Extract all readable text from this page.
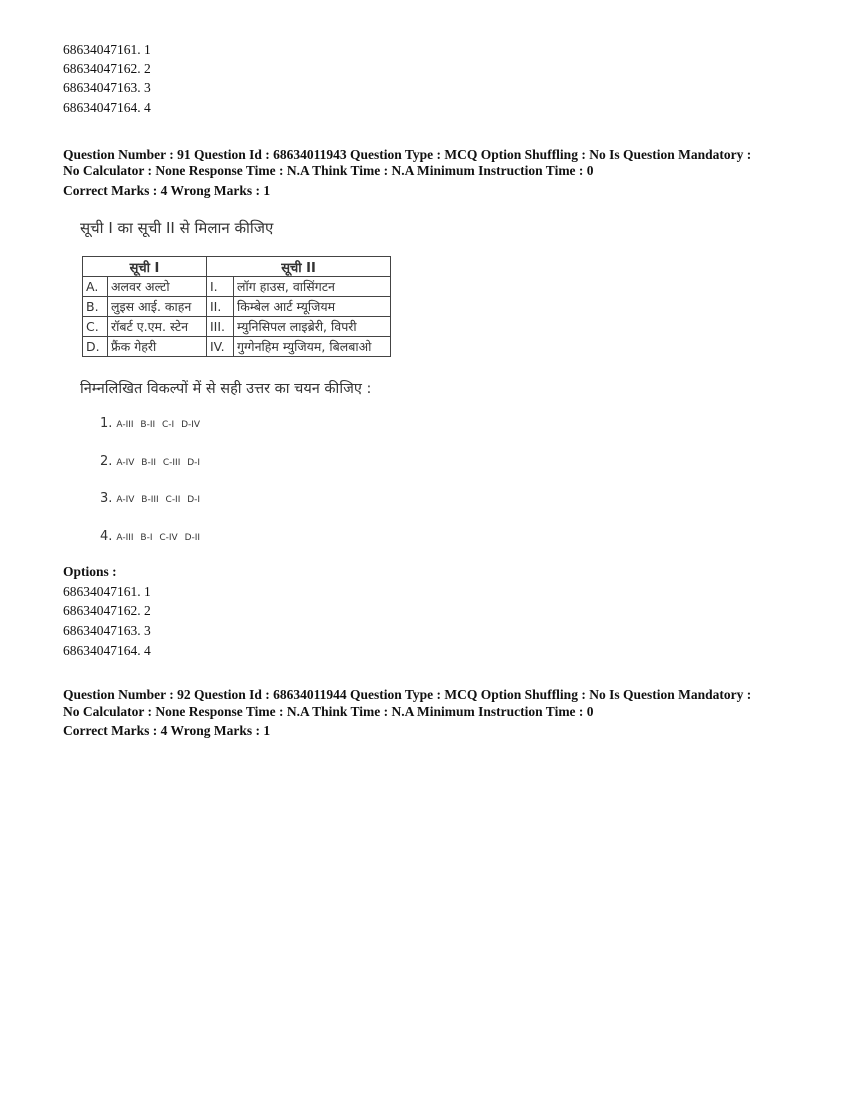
68634047161. 1
68634047162. 2
68634047163. 3
68634047164. 4
Question Number : 91 Question Id : 68634011943 Question Type : MCQ Option Shuffling : No Is Question Mandatory :
No Calculator : None Response Time : N.A Think Time : N.A Minimum Instruction Time : 0
Correct Marks : 4 Wrong Marks : 1
सूची I का सूची II से मिलान कीजिए
सूची I		सूची II	
A.	अलवर अल्टो	I.	लॉग हाउस, वासिंगटन
B.	लुइस आई. काहन	II.	किम्बेल आर्ट म्यूजियम
C.	रॉबर्ट ए.एम. स्टेन	III.	म्युनिसिपल लाइब्रेरी, विपरी
D.	फ्रैंक गेहरी	IV.	गुग्गेनहिम म्युजियम, बिलबाओ
निम्नलिखित विकल्पों में से सही उत्तर का चयन कीजिए :
1. A-III B-II C-I D-IV
2. A-IV B-II C-III D-I
3. A-IV B-III C-II D-I
4. A-III B-I C-IV D-II
Options :
68634047161. 1
68634047162. 2
68634047163. 3
68634047164. 4
Question Number : 92 Question Id : 68634011944 Question Type : MCQ Option Shuffling : No Is Question Mandatory :
No Calculator : None Response Time : N.A Think Time : N.A Minimum Instruction Time : 0
Correct Marks : 4 Wrong Marks : 1
